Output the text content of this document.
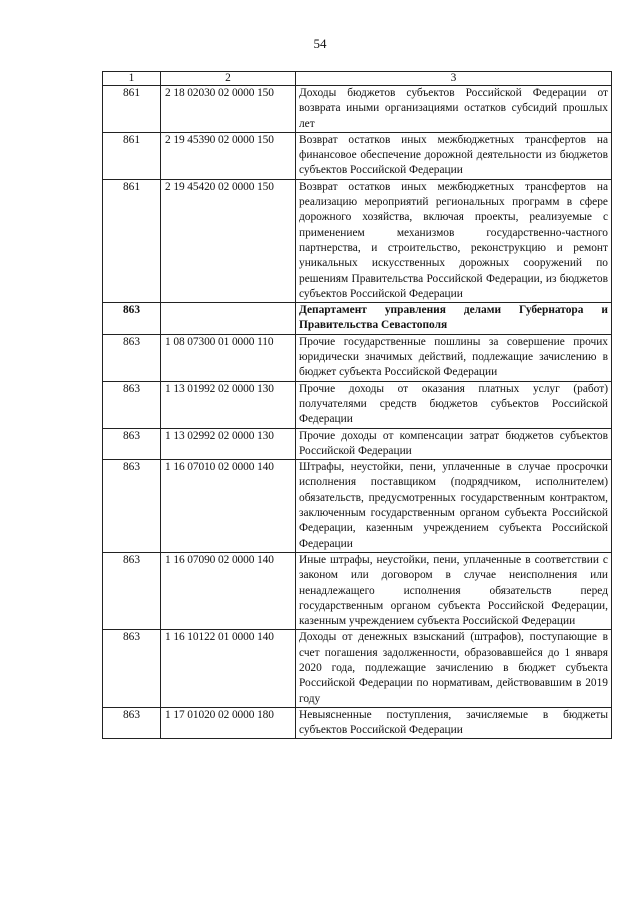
54
1	2	3
861	2 18 02030 02 0000 150	Доходы бюджетов субъектов Российской Федерации от возврата иными организациями остатков субсидий прошлых лет
861	2 19 45390 02 0000 150	Возврат остатков иных межбюджетных трансфертов на финансовое обеспечение дорожной деятельности из бюджетов субъектов Российской Федерации
861	2 19 45420 02 0000 150	Возврат остатков иных межбюджетных трансфертов на реализацию мероприятий региональных программ в сфере дорожного хозяйства, включая проекты, реализуемые с применением механизмов государственно-частного партнерства, и строительство, реконструкцию и ремонт уникальных искусственных дорожных сооружений по решениям Правительства Российской Федерации, из бюджетов субъектов Российской Федерации
863		Департамент управления делами Губернатора и Правительства Севастополя
863	1 08 07300 01 0000 110	Прочие государственные пошлины за совершение прочих юридически значимых действий, подлежащие зачислению в бюджет субъекта Российской Федерации
863	1 13 01992 02 0000 130	Прочие доходы от оказания платных услуг (работ) получателями средств бюджетов субъектов Российской Федерации
863	1 13 02992 02 0000 130	Прочие доходы от компенсации затрат бюджетов субъектов Российской Федерации
863	1 16 07010 02 0000 140	Штрафы, неустойки, пени, уплаченные в случае просрочки исполнения поставщиком (подрядчиком, исполнителем) обязательств, предусмотренных государственным контрактом, заключенным государственным органом субъекта Российской Федерации, казенным учреждением субъекта Российской Федерации
863	1 16 07090 02 0000 140	Иные штрафы, неустойки, пени, уплаченные в соответствии с законом или договором в случае неисполнения или ненадлежащего исполнения обязательств перед государственным органом субъекта Российской Федерации, казенным учреждением субъекта Российской Федерации
863	1 16 10122 01 0000 140	Доходы от денежных взысканий (штрафов), поступающие в счет погашения задолженности, образовавшейся до 1 января 2020 года, подлежащие зачислению в бюджет субъекта Российской Федерации по нормативам, действовавшим в 2019 году
863	1 17 01020 02 0000 180	Невыясненные поступления, зачисляемые в бюджеты субъектов Российской Федерации
